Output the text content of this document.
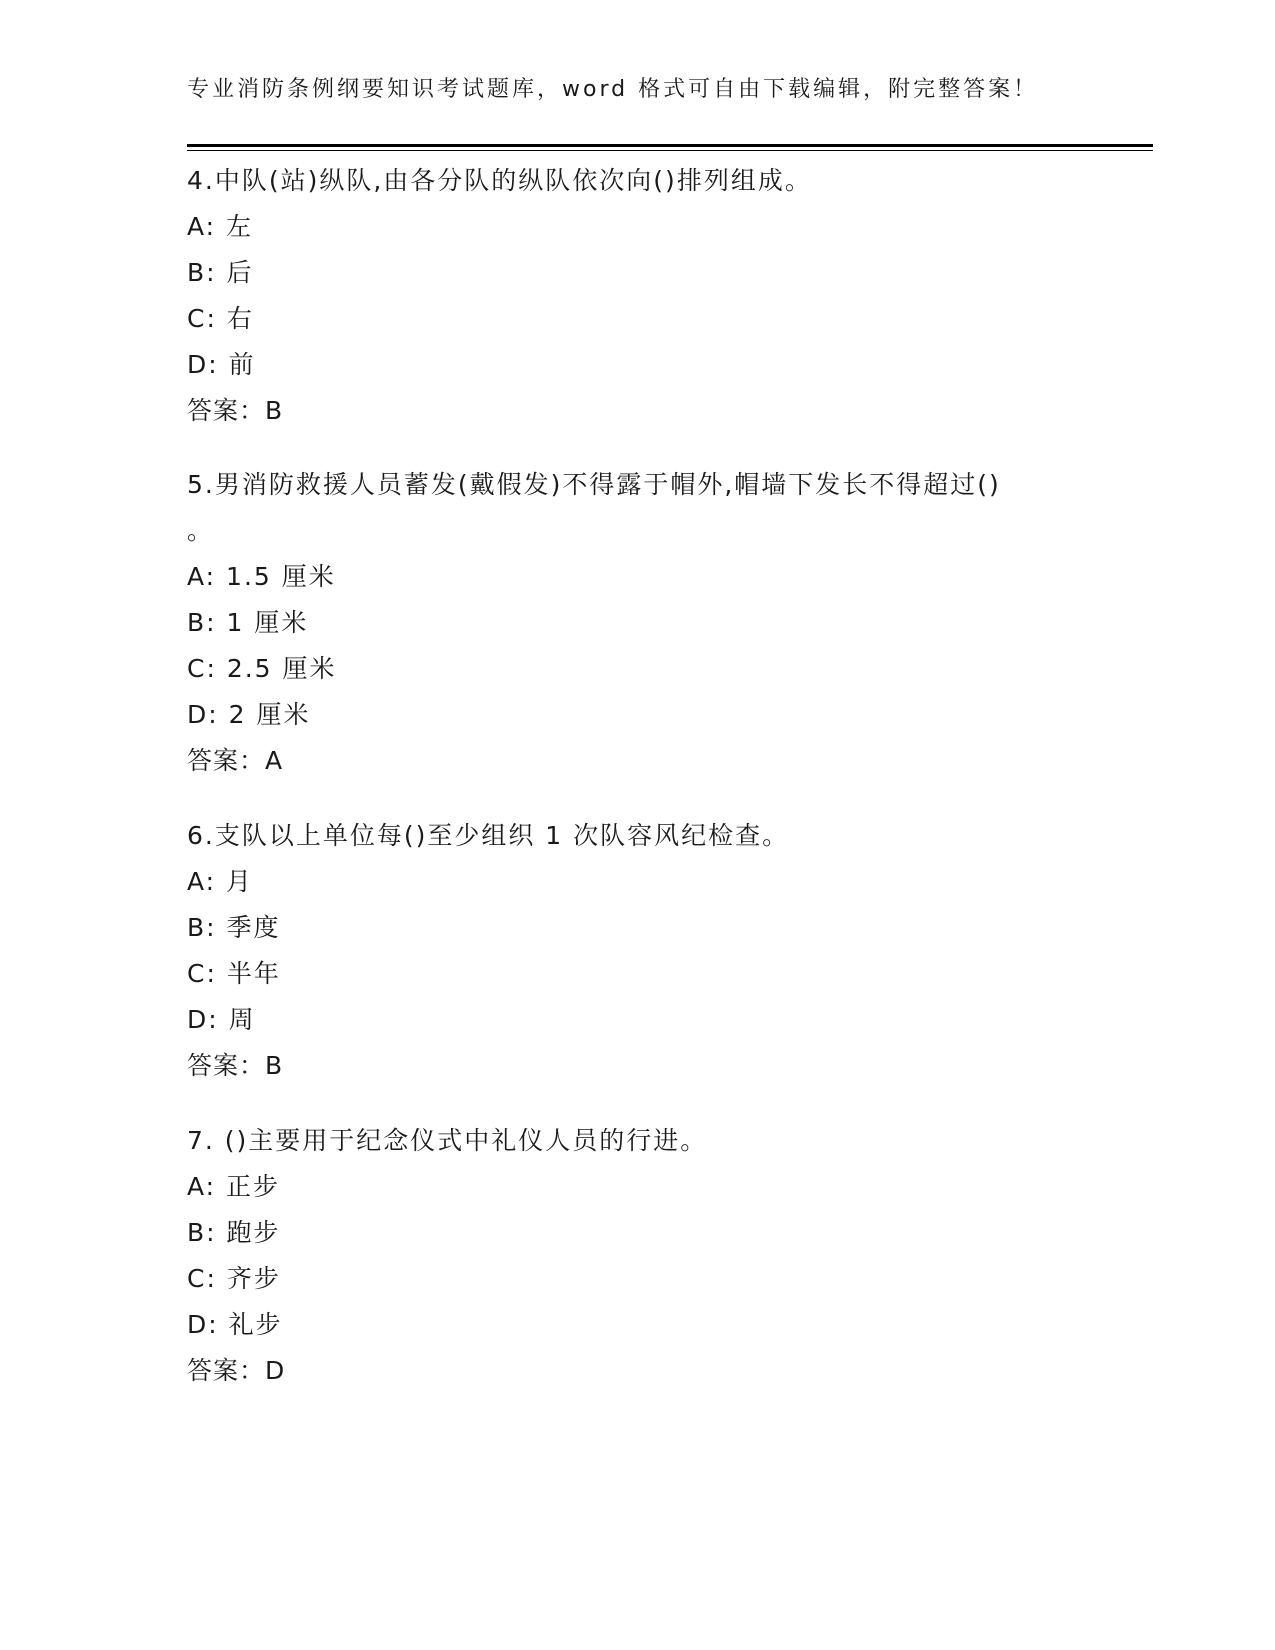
专业消防条例纲要知识考试题库，word 格式可自由下载编辑，附完整答案！
4.中队(站)纵队,由各分队的纵队依次向()排列组成。
A: 左
B: 后
C: 右
D: 前
答案：B
5.男消防救援人员蓄发(戴假发)不得露于帽外,帽墙下发长不得超过()
。
A: 1.5 厘米
B: 1 厘米
C: 2.5 厘米
D: 2 厘米
答案：A
6.支队以上单位每()至少组织 1 次队容风纪检查。
A: 月
B: 季度
C: 半年
D: 周
答案：B
7. ()主要用于纪念仪式中礼仪人员的行进。
A: 正步
B: 跑步
C: 齐步
D: 礼步
答案：D
